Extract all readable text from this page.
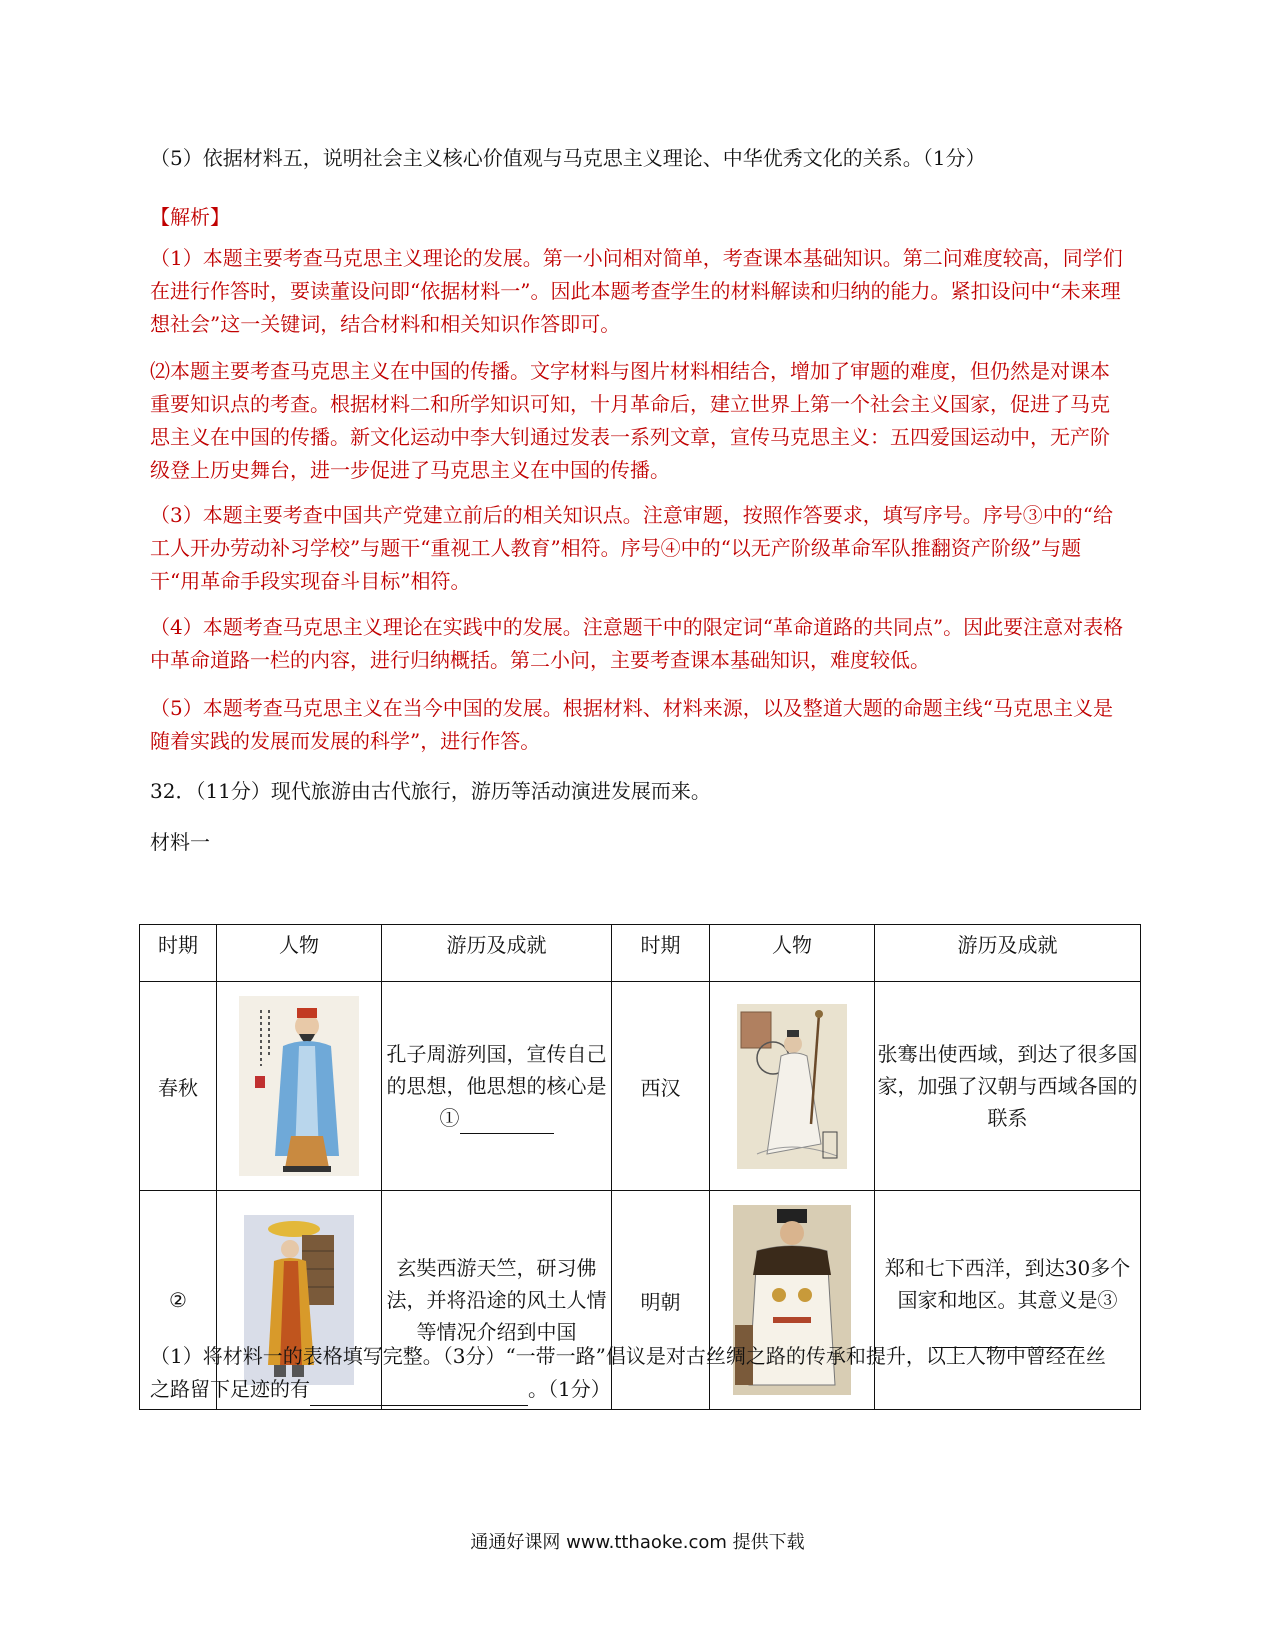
（5）依据材料五，说明社会主义核心价值观与马克思主义理论、中华优秀文化的关系。（1分）
【解析】
（1）本题主要考查马克思主义理论的发展。第一小问相对简单，考查课本基础知识。第二问难度较高，同学们在进行作答时，要读董设问即“依据材料一”。因此本题考查学生的材料解读和归纳的能力。紧扣设问中“未来理想社会”这一关键词，结合材料和相关知识作答即可。
⑵本题主要考查马克思主义在中国的传播。文字材料与图片材料相结合，增加了审题的难度，但仍然是对课本重要知识点的考查。根据材料二和所学知识可知，十月革命后，建立世界上第一个社会主义国家，促进了马克思主义在中国的传播。新文化运动中李大钊通过发表一系列文章，宣传马克思主义：五四爱国运动中，无产阶级登上历史舞台，进一步促进了马克思主义在中国的传播。
（3）本题主要考查中国共产党建立前后的相关知识点。注意审题，按照作答要求，填写序号。序号③中的“给工人开办劳动补习学校”与题干“重视工人教育”相符。序号④中的“以无产阶级革命军队推翻资产阶级”与题干“用革命手段实现奋斗目标”相符。
（4）本题考查马克思主义理论在实践中的发展。注意题干中的限定词“革命道路的共同点”。因此要注意对表格中革命道路一栏的内容，进行归纳概括。第二小问，主要考查课本基础知识，难度较低。
（5）本题考查马克思主义在当今中国的发展。根据材料、材料来源，以及整道大题的命题主线“马克思主义是随着实践的发展而发展的科学”，进行作答。
32．（11分）现代旅游由古代旅行，游历等活动演进发展而来。
材料一
时期	人物	游历及成就	时期	人物	游历及成就
春秋		孔子周游列国，宣传自己的思想，他思想的核心是①	西汉		张骞出使西域，到达了很多国家，加强了汉朝与西域各国的联系
②		玄奘西游天竺，研习佛法，并将沿途的风土人情等情况介绍到中国	明朝		郑和七下西洋，到达30多个国家和地区。其意义是③
（1）将材料一的表格填写完整。（3分）“一带一路”倡议是对古丝绸之路的传承和提升，以上人物中曾经在丝之路留下足迹的有	。（1分）
通通好课网 www.tthaoke.com 提供下载
